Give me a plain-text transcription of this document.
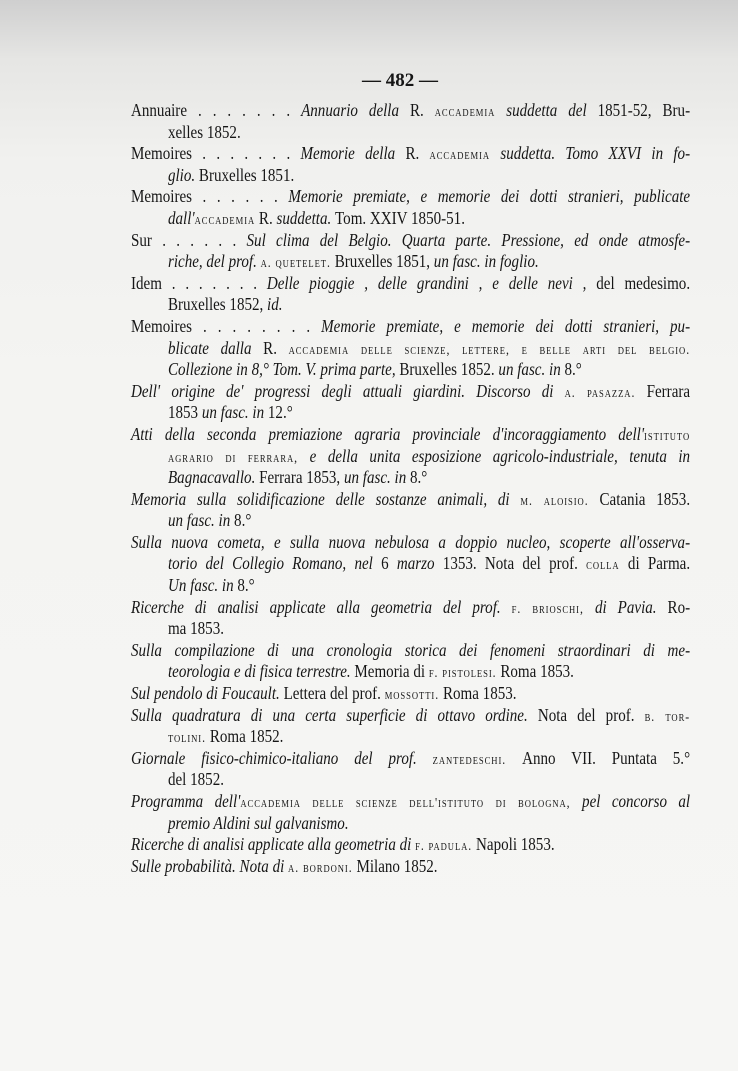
— 482 —
Annuaire . . . . . . . Annuario della R. accademia suddetta del 1851-52, Bru-
xelles 1852.
Memoires . . . . . . . Memorie della R. accademia suddetta. Tomo XXVI in fo-
glio. Bruxelles 1851.
Memoires . . . . . . Memorie premiate, e memorie dei dotti stranieri, publicate
dall'accademia R. suddetta. Tom. XXIV 1850-51.
Sur . . . . . . Sul clima del Belgio. Quarta parte. Pressione, ed onde atmosfe-
riche, del prof. a. quetelet. Bruxelles 1851, un fasc. in foglio.
Idem . . . . . . . Delle pioggie , delle grandini , e delle nevi , del medesimo.
Bruxelles 1852, id.
Memoires . . . . . . . . Memorie premiate, e memorie dei dotti stranieri, pu-
blicate dalla R. accademia delle scienze, lettere, e belle arti del belgio.
Collezione in 8,° Tom. V. prima parte, Bruxelles 1852. un fasc. in 8.°
Dell' origine de' progressi degli attuali giardini. Discorso di a. pasazza. Ferrara
1853 un fasc. in 12.°
Atti della seconda premiazione agraria provinciale d'incoraggiamento dell'istituto
agrario di ferrara, e della unita esposizione agricolo-industriale, tenuta in
Bagnacavallo. Ferrara 1853, un fasc. in 8.°
Memoria sulla solidificazione delle sostanze animali, di m. aloisio. Catania 1853.
un fasc. in 8.°
Sulla nuova cometa, e sulla nuova nebulosa a doppio nucleo, scoperte all'osserva-
torio del Collegio Romano, nel 6 marzo 1353. Nota del prof. colla di Parma.
Un fasc. in 8.°
Ricerche di analisi applicate alla geometria del prof. f. brioschi, di Pavia. Ro-
ma 1853.
Sulla compilazione di una cronologia storica dei fenomeni straordinari di me-
teorologia e di fisica terrestre. Memoria di f. pistolesi. Roma 1853.
Sul pendolo di Foucault. Lettera del prof. mossotti. Roma 1853.
Sulla quadratura di una certa superficie di ottavo ordine. Nota del prof. b. tor-
tolini. Roma 1852.
Giornale fisico-chimico-italiano del prof. zantedeschi. Anno VII. Puntata 5.°
del 1852.
Programma dell'accademia delle scienze dell'istituto di bologna, pel concorso al
premio Aldini sul galvanismo.
Ricerche di analisi applicate alla geometria di f. padula. Napoli 1853.
Sulle probabilità. Nota di a. bordoni. Milano 1852.
